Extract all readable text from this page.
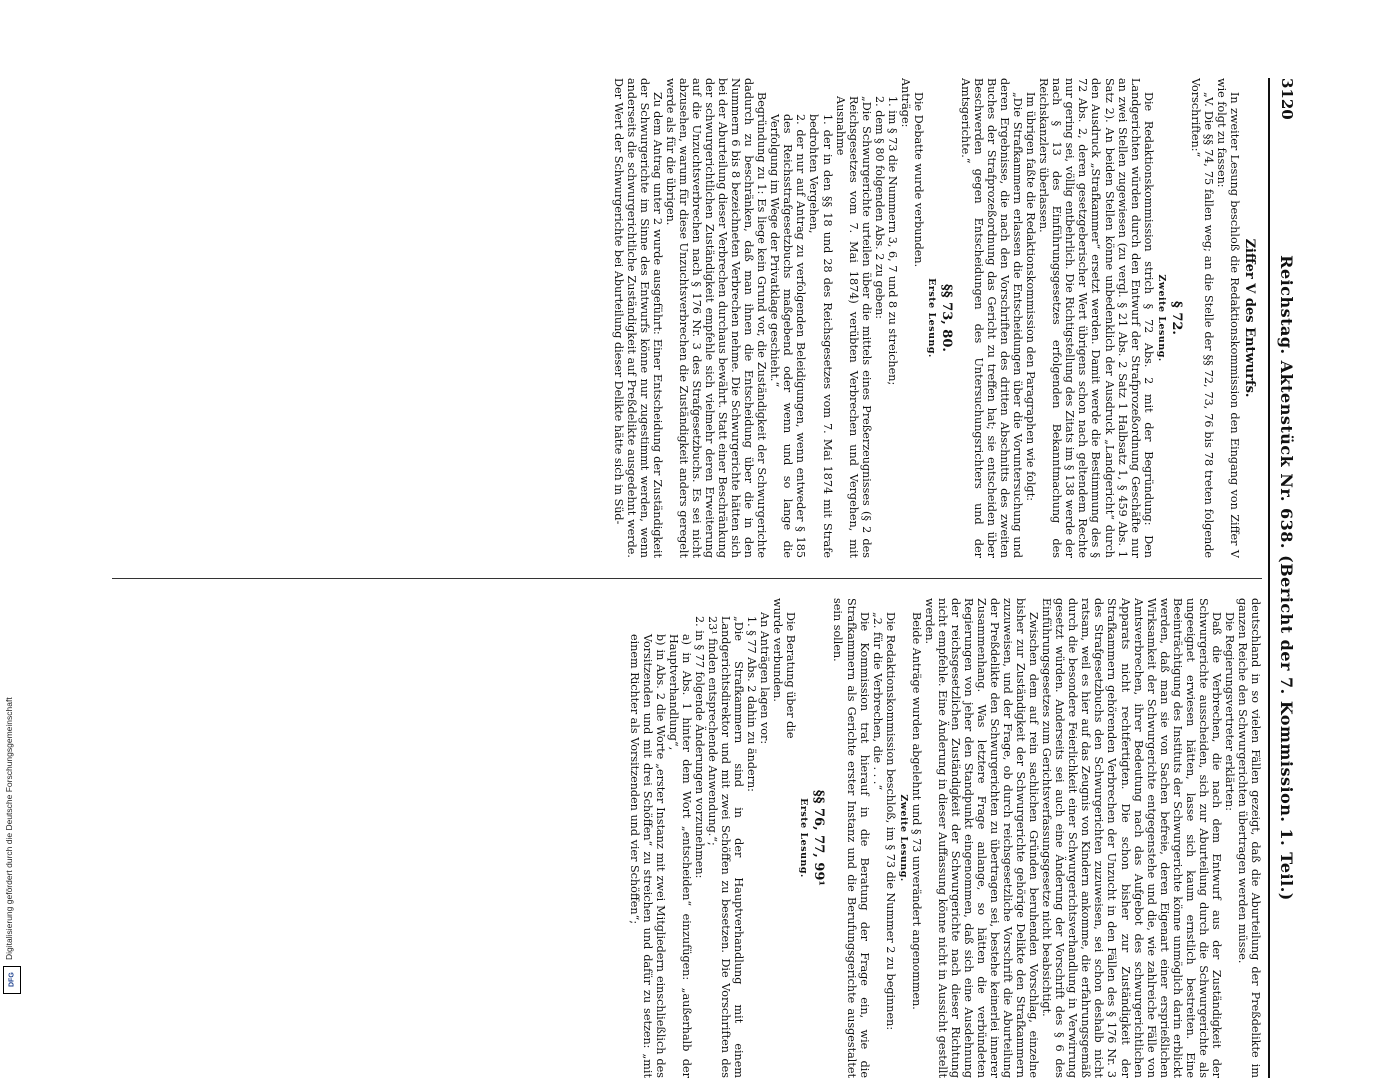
3120
Reichstag. Aktenstück Nr. 638. (Bericht der 7. Kommission. 1. Teil.)

Ziffer V des Entwurfs.

In zweiter Lesung beschloß die Redaktionskommission den Eingang von Ziffer V wie folgt zu fassen:

„V. Die §§ 74, 75 fallen weg; an die Stelle der §§ 72, 73, 76 bis 78 treten folgende Vorschriften:“

§ 72.

Zweite Lesung.

Die Redaktionskommission strich § 72 Abs. 2 mit der Begründung: Den Landgerichten würden durch den Entwurf der Strafprozeßordnung Geschäfte nur an zwei Stellen zugewiesen (zu vergl. § 21 Abs. 2 Satz 1 Halbsatz 1, § 459 Abs. 1 Satz 2). An beiden Stellen könne unbedenklich der Ausdruck „Landgericht“ durch den Ausdruck „Strafkammer“ ersetzt werden. Damit werde die Bestimmung des § 72 Abs. 2, deren gesetzgeberischer Wert übrigens schon nach geltendem Rechte nur gering sei, völlig entbehrlich. Die Richtigstellung des Zitats im § 138 werde der nach § 13 des Einführungsgesetzes erfolgenden Bekanntmachung des Reichskanzlers überlassen.

Im übrigen faßte die Redaktionskommission den Paragraphen wie folgt:

„Die Strafkammern erlassen die Entscheidungen über die Voruntersuchung und deren Ergebnisse, die nach den Vorschriften des dritten Abschnitts des zweiten Buches der Strafprozeßordnung das Gericht zu treffen hat; sie entscheiden über Beschwerden gegen Entscheidungen des Untersuchungsrichters und der Amtsgerichte.“

§§ 73, 80.

Erste Lesung.

Die Debatte wurde verbunden.

Anträge:

1. im § 73 die Nummern 3, 6, 7 und 8 zu streichen;

2. dem § 80 folgenden Abs. 2 zu geben:

„Die Schwurgerichte urteilen über die mittels eines Preßerzeugnisses (§ 2 des Reichsgesetzes vom 7. Mai 1874) verübten Verbrechen und Vergehen, mit Ausnahme

1. der in den §§ 18 und 28 des Reichsgesetzes vom 7. Mai 1874 mit Strafe bedrohten Vergehen,

2. der nur auf Antrag zu verfolgenden Beleidigungen, wenn entweder § 185 des Reichsstrafgesetzbuchs maßgebend oder wenn und so lange die Verfolgung im Wege der Privatklage geschieht.“

Begründung zu 1: Es liege kein Grund vor, die Zuständigkeit der Schwurgerichte dadurch zu beschränken, daß man ihnen die Entscheidung über die in den Nummern 6 bis 8 bezeichneten Verbrechen nehme. Die Schwurgerichte hätten sich bei der Aburteilung dieser Verbrechen durchaus bewährt. Statt einer Beschränkung der schwurgerichtlichen Zuständigkeit empfehle sich vielmehr deren Erweiterung auf die Unzuchtsverbrechen nach § 176 Nr. 3 des Strafgesetzbuchs. Es sei nicht abzusehen, warum für diese Unzuchtsverbrechen die Zuständigkeit anders geregelt werde als für die übrigen.

Zu dem Antrag unter 2 wurde ausgeführt: Einer Entscheidung der Zuständigkeit der Schwurgerichte im Sinne des Entwurfs könne nur zugestimmt werden, wenn anderseits die schwurgerichtliche Zuständigkeit auf Preßdelikte ausgedehnt werde. Der Wert der Schwurgerichte bei Aburteilung dieser Delikte hätte sich in Süd-

deutschland in so vielen Fällen gezeigt, daß die Aburteilung der Preßdelikte im ganzen Reiche den Schwurgerichten übertragen werden müsse.

Die Regierungsvertreter erklärten:

Daß die Verbrechen, die nach dem Entwurf aus der Zuständigkeit der Schwurgerichte ausscheiden, sich zur Aburteilung durch die Schwurgerichte als ungeeignet erwiesen hätten, lasse sich kaum ernstlich bestreiten. Eine Beeinträchtigung des Instituts der Schwurgerichte könne unmöglich darin erblickt werden, daß man sie von Sachen befreie, deren Eigenart einer ersprießlichen Wirksamkeit der Schwurgerichte entgegenstehe und die, wie zahlreiche Fälle von Amtsverbrechen, ihrer Bedeutung nach das Aufgebot des schwurgerichtlichen Apparats nicht rechtfertigten. Die schon bisher zur Zuständigkeit der Strafkammern gehörenden Verbrechen der Unzucht in den Fällen des § 176 Nr. 3 des Strafgesetzbuchs den Schwurgerichten zuzuweisen, sei schon deshalb nicht ratsam, weil es hier auf das Zeugnis von Kindern ankomme, die erfahrungsgemäß durch die besondere Feierlichkeit einer Schwurgerichtsverhandlung in Verwirrung gesetzt würden. Anderseits sei auch eine Änderung der Vorschrift des § 6 des Einführungsgesetzes zum Gerichtsverfassungsgesetze nicht beabsichtigt.

Zwischen dem auf rein sachlichen Gründen beruhenden Vorschlag, einzelne bisher zur Zuständigkeit der Schwurgerichte gehörige Delikte den Strafkammern zuzuweisen, und der Frage, ob durch reichsgesetzliche Vorschrift die Aburteilung der Preßdelikte den Schwurgerichten zu übertragen sei, bestehe keinerlei innerer Zusammenhang. Was letztere Frage anlange, so hätten die verbündeten Regierungen von jeher den Standpunkt eingenommen, daß sich eine Ausdehnung der reichsgesetzlichen Zuständigkeit der Schwurgerichte nach dieser Richtung nicht empfehle. Eine Änderung in dieser Auffassung könne nicht in Aussicht gestellt werden.

Beide Anträge wurden abgelehnt und § 73 unverändert angenommen.

Zweite Lesung.

Die Redaktionskommission beschloß, im § 73 die Nummer 2 zu beginnen:

„2. für die Verbrechen, die . . .“

Die Kommission trat hierauf in die Beratung der Frage ein, wie die Strafkammern als Gerichte erster Instanz und die Berufungsgerichte ausgestaltet sein sollen.

§§ 76, 77, 99¹

Erste Lesung.

Die Beratung über die

wurde verbunden.

An Anträgen lagen vor:

1. § 77 Abs. 2 dahin zu ändern:

„Die Strafkammern sind in der Hauptverhandlung mit einem Landgerichtsdirektor und mit zwei Schöffen zu besetzen. Die Vorschriften des 23¹ finden entsprechende Anwendung.“;

2. in § 77 folgende Änderungen vorzunehmen:

a) in Abs. 1 hinter dem Wort „entscheiden“ einzufügen: „außerhalb der Hauptverhandlung“,

b) in Abs. 2 die Worte „erster Instanz mit zwei Mitgliedern einschließlich des Vorsitzenden und mit drei Schöffen“ zu streichen und dafür zu setzen: „mit einem Richter als Vorsitzenden und vier Schöffen“;

Digitalisierung gefördert durch die Deutsche Forschungsgemeinschaft
DFG
